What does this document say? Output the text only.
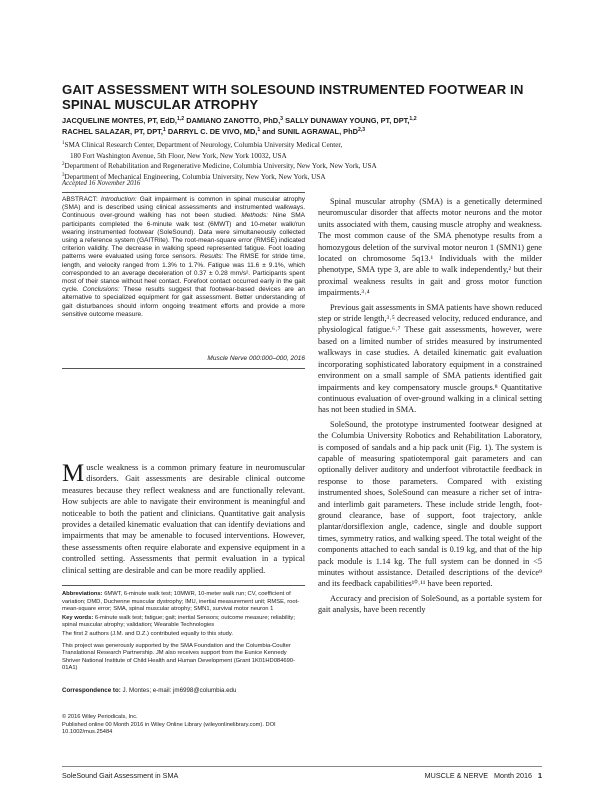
GAIT ASSESSMENT WITH SOLESOUND INSTRUMENTED FOOTWEAR IN SPINAL MUSCULAR ATROPHY
JACQUELINE MONTES, PT, EdD,$^{1,2}$ DAMIANO ZANOTTO, PhD,$^3$ SALLY DUNAWAY YOUNG, PT, DPT,$^{1,2}$
RACHEL SALAZAR, PT, DPT,$^1$ DARRYL C. DE VIVO, MD,$^1$ and SUNIL AGRAWAL, PhD$^{2,3}$
$^1$SMA Clinical Research Center, Department of Neurology, Columbia University Medical Center,
180 Fort Washington Avenue, 5th Floor, New York, New York 10032, USA
$^2$Department of Rehabilitation and Regenerative Medicine, Columbia University, New York, New York, USA
$^3$Department of Mechanical Engineering, Columbia University, New York, New York, USA
Accepted 16 November 2016
ABSTRACT: Introduction: Gait impairment is common in spinal muscular atrophy (SMA) and is described using clinical assessments and instrumented walkways. Continuous over-ground walking has not been studied. Methods: Nine SMA participants completed the 6-minute walk test (6MWT) and 10-meter walk/run wearing instrumented footwear (SoleSound). Data were simultaneously collected using a reference system (GAITRite). The root-mean-square error (RMSE) indicated criterion validity. The decrease in walking speed represented fatigue. Foot loading patterns were evaluated using force sensors. Results: The RMSE for stride time, length, and velocity ranged from 1.3% to 1.7%. Fatigue was 11.6 ± 9.1%, which corresponded to an average deceleration of 0.37 ± 0.28 mm/s². Participants spent most of their stance without heel contact. Forefoot contact occurred early in the gait cycle. Conclusions: These results suggest that footwear-based devices are an alternative to specialized equipment for gait assessment. Better understanding of gait disturbances should inform ongoing treatment efforts and provide a more sensitive outcome measure.
Muscle Nerve 000:000–000, 2016
Muscle weakness is a common primary feature in neuromuscular disorders. Gait assessments are desirable clinical outcome measures because they reflect weakness and are functionally relevant. How subjects are able to navigate their environment is meaningful and noticeable to both the patient and clinicians. Quantitative gait analysis provides a detailed kinematic evaluation that can identify deviations and impairments that may be amenable to focused interventions. However, these assessments often require elaborate and expensive equipment in a controlled setting. Assessments that permit evaluation in a typical clinical setting are desirable and can be more readily applied.

Abbreviations: 6MWT, 6-minute walk test; 10MWR, 10-meter walk run; CV, coefficient of variation; DMD, Duchenne muscular dystrophy; IMU, inertial measurement unit; RMSE, root-mean-square error; SMA, spinal muscular atrophy; SMN1, survival motor neuron 1

Key words: 6-minute walk test; fatigue; gait; inertial Sensors; outcome measure; reliability; spinal muscular atrophy; validation; Wearable Technologies

The first 2 authors (J.M. and D.Z.) contributed equally to this study.

This project was generously supported by the SMA Foundation and the Columbia-Coulter Translational Research Partnership. JM also receives support from the Eunice Kennedy Shriver National Institute of Child Health and Human Development (Grant 1K01HD084690-01A1)

Correspondence to: J. Montes; e-mail: jm6998@columbia.edu
© 2016 Wiley Periodicals, Inc.
Published online 00 Month 2016 in Wiley Online Library (wileyonlinelibrary.com). DOI 10.1002/mus.25484

Spinal muscular atrophy (SMA) is a genetically determined neuromuscular disorder that affects motor neurons and the motor units associated with them, causing muscle atrophy and weakness. The most common cause of the SMA phenotype results from a homozygous deletion of the survival motor neuron 1 (SMN1) gene located on chromosome 5q13.¹ Individuals with the milder phenotype, SMA type 3, are able to walk independently,² but their proximal weakness results in gait and gross motor function impairments.³˒⁴

Previous gait assessments in SMA patients have shown reduced step or stride length,³˒⁵ decreased velocity, reduced endurance, and physiological fatigue.⁶˒⁷ These gait assessments, however, were based on a limited number of strides measured by instrumented walkways in case studies. A detailed kinematic gait evaluation incorporating sophisticated laboratory equipment in a constrained environment on a small sample of SMA patients identified gait impairments and key compensatory muscle groups.⁸ Quantitative continuous evaluation of over-ground walking in a clinical setting has not been studied in SMA.

SoleSound, the prototype instrumented footwear designed at the Columbia University Robotics and Rehabilitation Laboratory, is composed of sandals and a hip pack unit (Fig. 1). The system is capable of measuring spatiotemporal gait parameters and can optionally deliver auditory and underfoot vibrotactile feedback in response to those parameters. Compared with existing instrumented shoes, SoleSound can measure a richer set of intra- and interlimb gait parameters. These include stride length, foot-ground clearance, base of support, foot trajectory, ankle plantar/dorsiflexion angle, cadence, single and double support times, symmetry ratios, and walking speed. The total weight of the components attached to each sandal is 0.19 kg, and that of the hip pack module is 1.14 kg. The full system can be donned in <5 minutes without assistance. Detailed descriptions of the device⁹ and its feedback capabilities¹⁰˒¹¹ have been reported.

Accuracy and precision of SoleSound, as a portable system for gait analysis, have been recently

SoleSound Gait Assessment in SMA	MUSCLE & NERVE Month 2016 1
